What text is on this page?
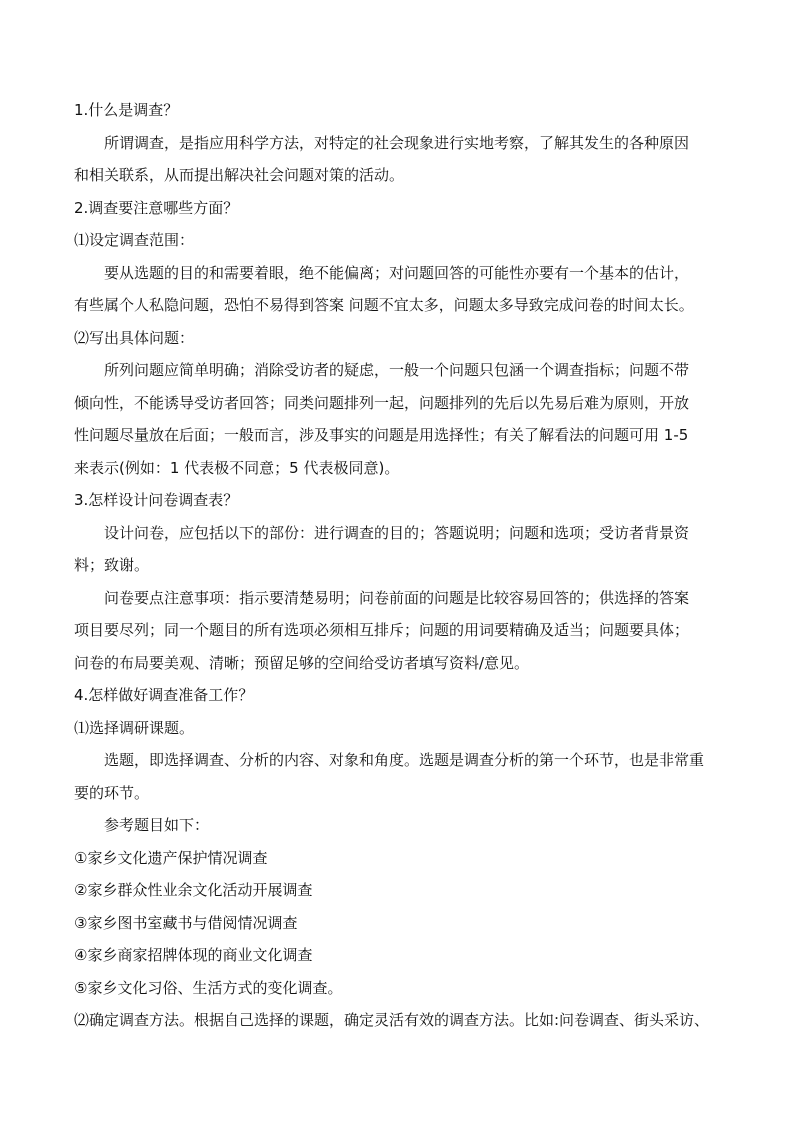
1.什么是调查？
所谓调查，是指应用科学方法，对特定的社会现象进行实地考察，了解其发生的各种原因
和相关联系，从而提出解决社会问题对策的活动。
2.调查要注意哪些方面？
⑴设定调查范围：
要从选题的目的和需要着眼，绝不能偏离；对问题回答的可能性亦要有一个基本的估计，
有些属个人私隐问题，恐怕不易得到答案 问题不宜太多，问题太多导致完成问卷的时间太长。
⑵写出具体问题：
所列问题应简单明确；消除受访者的疑虑，一般一个问题只包涵一个调查指标；问题不带
倾向性，不能诱导受访者回答；同类问题排列一起，问题排列的先后以先易后难为原则，开放
性问题尽量放在后面；一般而言，涉及事实的问题是用选择性；有关了解看法的问题可用 1-5
来表示(例如：1 代表极不同意；5 代表极同意)。
3.怎样设计问卷调查表？
设计问卷，应包括以下的部份：进行调查的目的；答题说明；问题和选项；受访者背景资
料；致谢。
问卷要点注意事项：指示要清楚易明；问卷前面的问题是比较容易回答的；供选择的答案
项目要尽列；同一个题目的所有选项必须相互排斥；问题的用词要精确及适当；问题要具体；
问卷的布局要美观、清晰；预留足够的空间给受访者填写资料/意见。
4.怎样做好调查准备工作？
⑴选择调研课题。
选题，即选择调查、分析的内容、对象和角度。选题是调查分析的第一个环节，也是非常重
要的环节。
参考题目如下：
①家乡文化遗产保护情况调查
②家乡群众性业余文化活动开展调查
③家乡图书室藏书与借阅情况调查
④家乡商家招牌体现的商业文化调查
⑤家乡文化习俗、生活方式的变化调查。
⑵确定调查方法。根据自己选择的课题，确定灵活有效的调查方法。比如:问卷调查、街头采访、
